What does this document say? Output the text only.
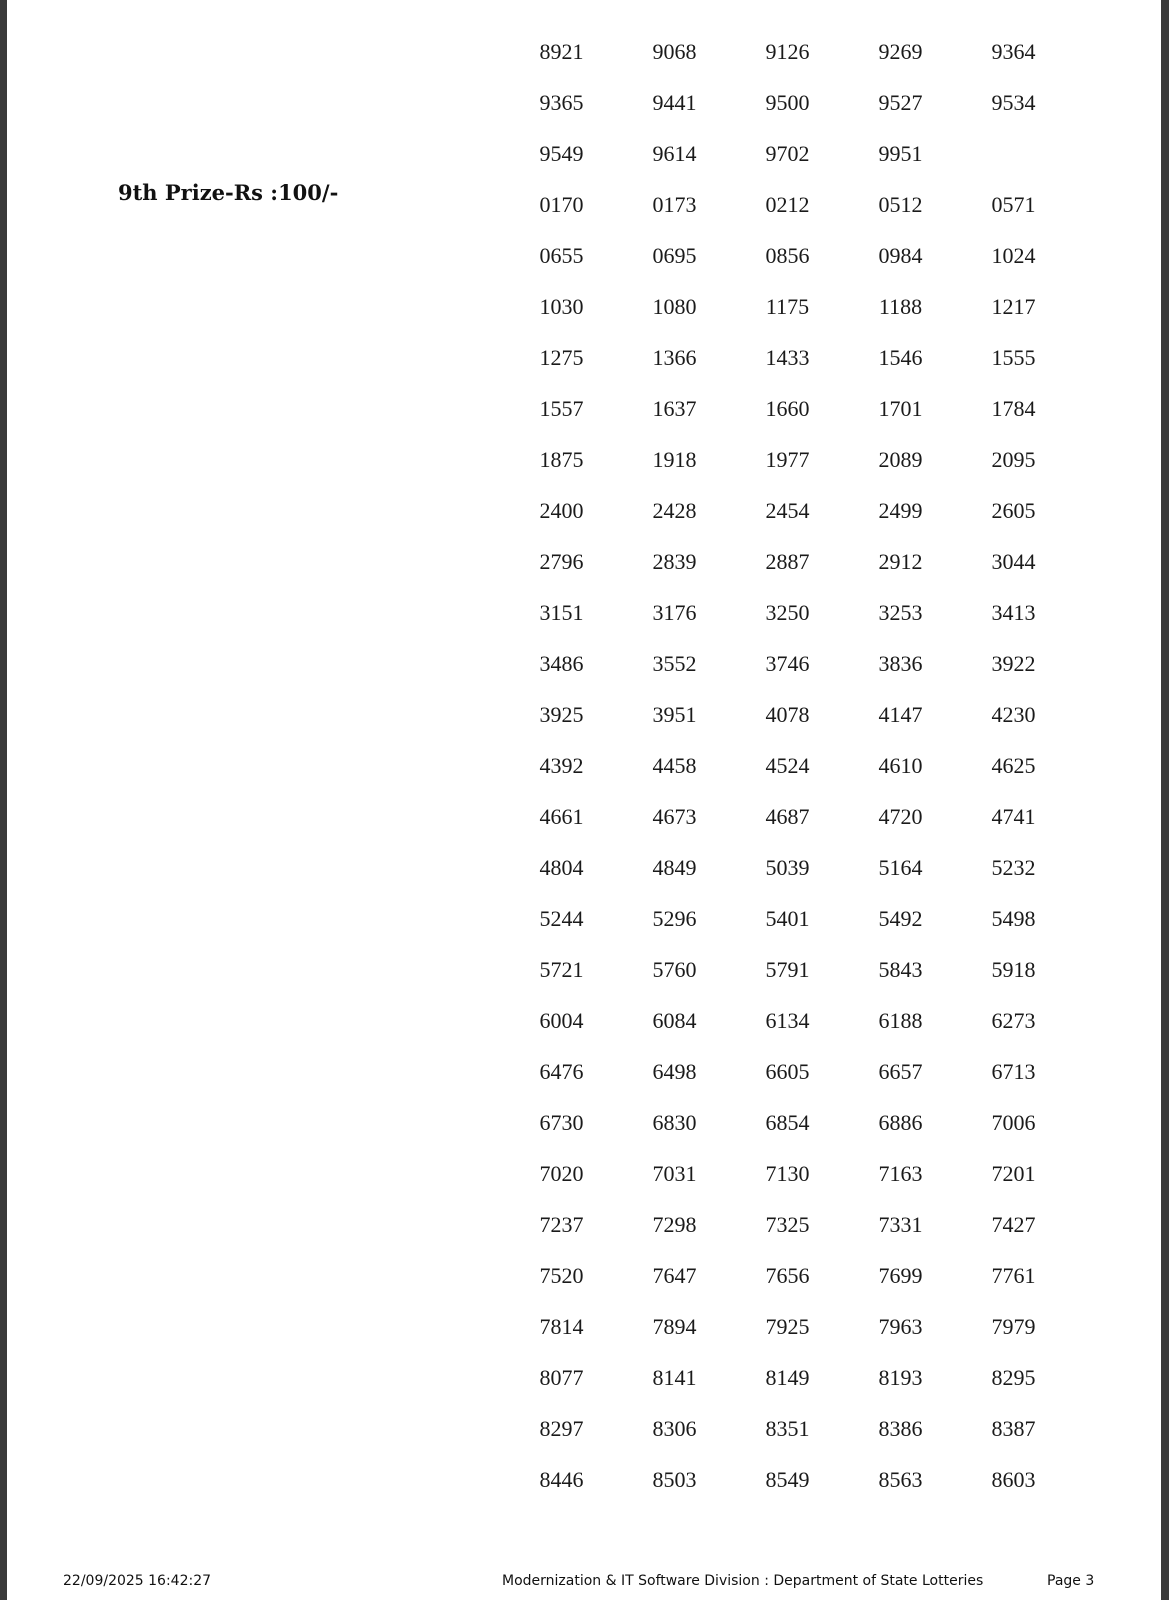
9th Prize-Rs :100/-
8921	9068	9126	9269	9364
9365	9441	9500	9527	9534
9549	9614	9702	9951
0170	0173	0212	0512	0571
0655	0695	0856	0984	1024
1030	1080	1175	1188	1217
1275	1366	1433	1546	1555
1557	1637	1660	1701	1784
1875	1918	1977	2089	2095
2400	2428	2454	2499	2605
2796	2839	2887	2912	3044
3151	3176	3250	3253	3413
3486	3552	3746	3836	3922
3925	3951	4078	4147	4230
4392	4458	4524	4610	4625
4661	4673	4687	4720	4741
4804	4849	5039	5164	5232
5244	5296	5401	5492	5498
5721	5760	5791	5843	5918
6004	6084	6134	6188	6273
6476	6498	6605	6657	6713
6730	6830	6854	6886	7006
7020	7031	7130	7163	7201
7237	7298	7325	7331	7427
7520	7647	7656	7699	7761
7814	7894	7925	7963	7979
8077	8141	8149	8193	8295
8297	8306	8351	8386	8387
8446	8503	8549	8563	8603
22/09/2025 16:42:27	Modernization & IT Software Division : Department of State Lotteries	Page 3
